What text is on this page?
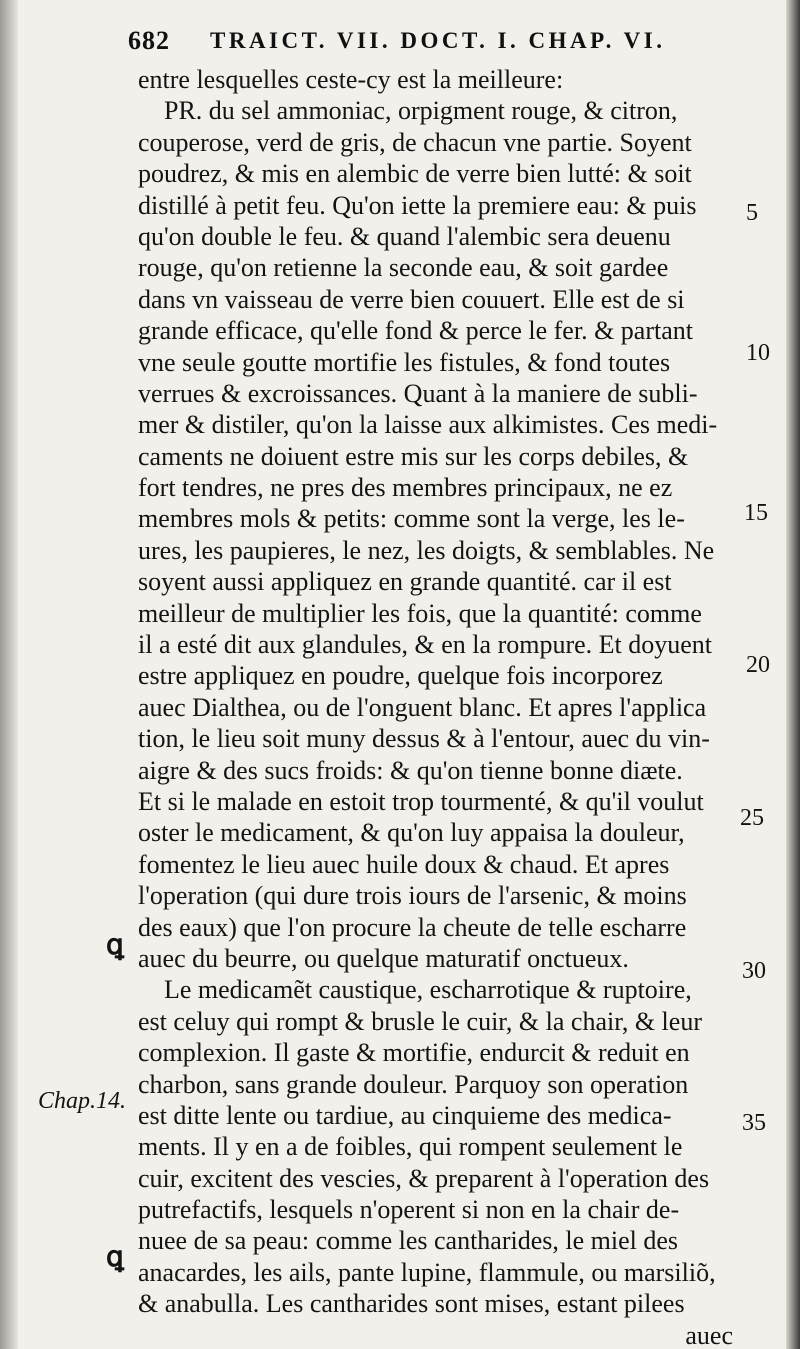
682 TRAICT. VII. DOCT. I. CHAP. VI.
entre lesquelles ceste-cy est la meilleure:
PR. du sel ammoniac, orpigment rouge, & citron,
couperose, verd de gris, de chacun vne partie. Soyent
poudrez, & mis en alembic de verre bien lutté: & soit
distillé à petit feu. Qu'on iette la premiere eau: & puis
qu'on double le feu. & quand l'alembic sera deuenu
rouge, qu'on retienne la seconde eau, & soit gardee
dans vn vaisseau de verre bien couuert. Elle est de si
grande efficace, qu'elle fond & perce le fer. & partant
vne seule goutte mortifie les fistules, & fond toutes
verrues & excroissances. Quant à la maniere de subli-
mer & distiler, qu'on la laisse aux alkimistes. Ces medi-
caments ne doiuent estre mis sur les corps debiles, &
fort tendres, ne pres des membres principaux, ne ez
membres mols & petits: comme sont la verge, les le-
ures, les paupieres, le nez, les doigts, & semblables. Ne
soyent aussi appliquez en grande quantité. car il est
meilleur de multiplier les fois, que la quantité: comme
il a esté dit aux glandules, & en la rompure. Et doyuent
estre appliquez en poudre, quelque fois incorporez
auec Dialthea, ou de l'onguent blanc. Et apres l'applica
tion, le lieu soit muny dessus & à l'entour, auec du vin-
aigre & des sucs froids: & qu'on tienne bonne diæte.
Et si le malade en estoit trop tourmenté, & qu'il voulut
oster le medicament, & qu'on luy appaisa la douleur,
fomentez le lieu auec huile doux & chaud. Et apres
l'operation (qui dure trois iours de l'arsenic, & moins
des eaux) que l'on procure la cheute de telle escharre
auec du beurre, ou quelque maturatif onctueux.
Le medicamẽt caustique, escharrotique & ruptoire,
est celuy qui rompt & brusle le cuir, & la chair, & leur
complexion. Il gaste & mortifie, endurcit & reduit en
charbon, sans grande douleur. Parquoy son operation
est ditte lente ou tardiue, au cinquieme des medica-
ments. Il y en a de foibles, qui rompent seulement le
cuir, excitent des vescies, & preparent à l'operation des
putrefactifs, lesquels n'operent si non en la chair de-
nuee de sa peau: comme les cantharides, le miel des
anacardes, les ails, pante lupine, flammule, ou marsiliõ,
& anabulla. Les cantharides sont mises, estant pilees
auec
5
10
15
20
25
30
35
Chap.14.
ꝗ
ꝗ
